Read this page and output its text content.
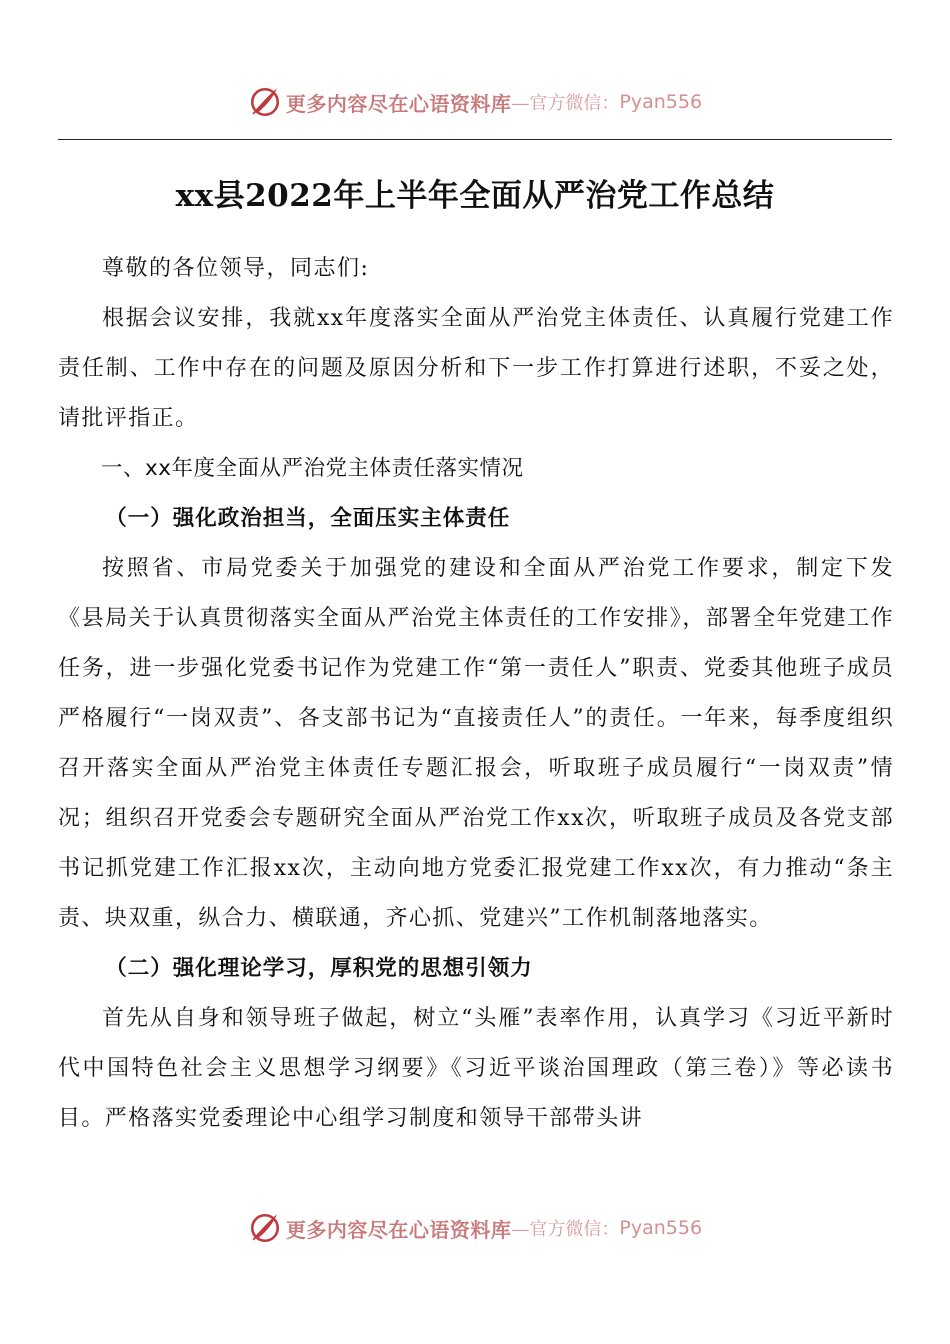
更多内容尽在心语资料库 —官方微信： Pyan556
xx县2022年上半年全面从严治党工作总结

尊敬的各位领导，同志们:

根据会议安排，我就xx年度落实全面从严治党主体责任、认真履行党建工作责任制、工作中存在的问题及原因分析和下一步工作打算进行述职，不妥之处，请批评指正。

一、xx年度全面从严治党主体责任落实情况
（一）强化政治担当，全面压实主体责任

按照省、市局党委关于加强党的建设和全面从严治党工作要求，制定下发《县局关于认真贯彻落实全面从严治党主体责任的工作安排》，部署全年党建工作任务，进一步强化党委书记作为党建工作“第一责任人”职责、党委其他班子成员严格履行“一岗双责”、各支部书记为“直接责任人”的责任。一年来，每季度组织召开落实全面从严治党主体责任专题汇报会，听取班子成员履行“一岗双责”情况；组织召开党委会专题研究全面从严治党工作xx次，听取班子成员及各党支部书记抓党建工作汇报xx次，主动向地方党委汇报党建工作xx次，有力推动“条主责、块双重，纵合力、横联通，齐心抓、党建兴”工作机制落地落实。

（二）强化理论学习，厚积党的思想引领力

首先从自身和领导班子做起，树立“头雁”表率作用，认真学习《习近平新时代中国特色社会主义思想学习纲要》《习近平谈治国理政（第三卷）》等必读书目。严格落实党委理论中心组学习制度和领导干部带头讲

更多内容尽在心语资料库 —官方微信： Pyan556
